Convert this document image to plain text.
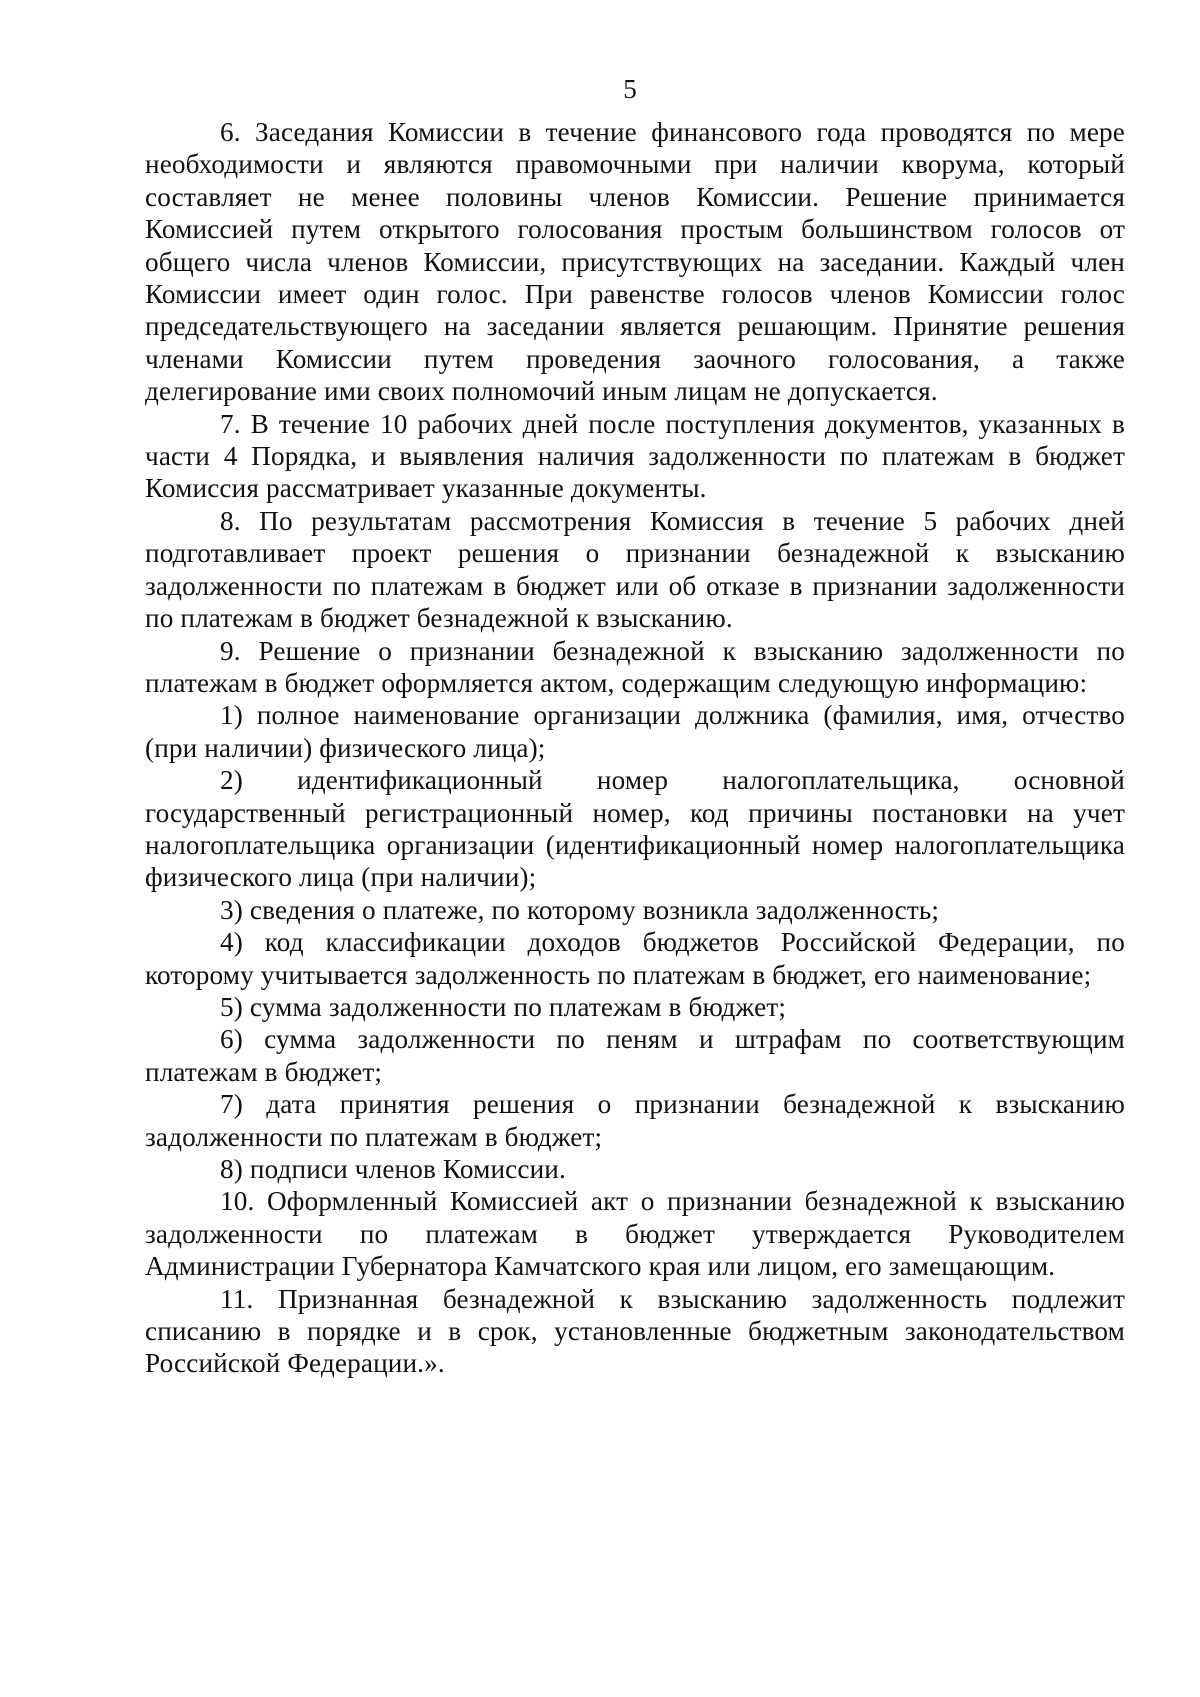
5

6. Заседания Комиссии в течение финансового года проводятся по мере необходимости и являются правомочными при наличии кворума, который составляет не менее половины членов Комиссии. Решение принимается Комиссией путем открытого голосования простым большинством голосов от общего числа членов Комиссии, присутствующих на заседании. Каждый член Комиссии имеет один голос. При равенстве голосов членов Комиссии голос председательствующего на заседании является решающим. Принятие решения членами Комиссии путем проведения заочного голосования, а также делегирование ими своих полномочий иным лицам не допускается.

7. В течение 10 рабочих дней после поступления документов, указанных в части 4 Порядка, и выявления наличия задолженности по платежам в бюджет Комиссия рассматривает указанные документы.

8. По результатам рассмотрения Комиссия в течение 5 рабочих дней подготавливает проект решения о признании безнадежной к взысканию задолженности по платежам в бюджет или об отказе в признании задолженности по платежам в бюджет безнадежной к взысканию.

9. Решение о признании безнадежной к взысканию задолженности по платежам в бюджет оформляется актом, содержащим следующую информацию:

1) полное наименование организации должника (фамилия, имя, отчество (при наличии) физического лица);

2) идентификационный номер налогоплательщика, основной государственный регистрационный номер, код причины постановки на учет налогоплательщика организации (идентификационный номер налогоплательщика физического лица (при наличии);

3) сведения о платеже, по которому возникла задолженность;

4) код классификации доходов бюджетов Российской Федерации, по которому учитывается задолженность по платежам в бюджет, его наименование;

5) сумма задолженности по платежам в бюджет;

6) сумма задолженности по пеням и штрафам по соответствующим платежам в бюджет;

7) дата принятия решения о признании безнадежной к взысканию задолженности по платежам в бюджет;

8) подписи членов Комиссии.

10. Оформленный Комиссией акт о признании безнадежной к взысканию задолженности по платежам в бюджет утверждается Руководителем Администрации Губернатора Камчатского края или лицом, его замещающим.

11. Признанная безнадежной к взысканию задолженность подлежит списанию в порядке и в срок, установленные бюджетным законодательством Российской Федерации.».
